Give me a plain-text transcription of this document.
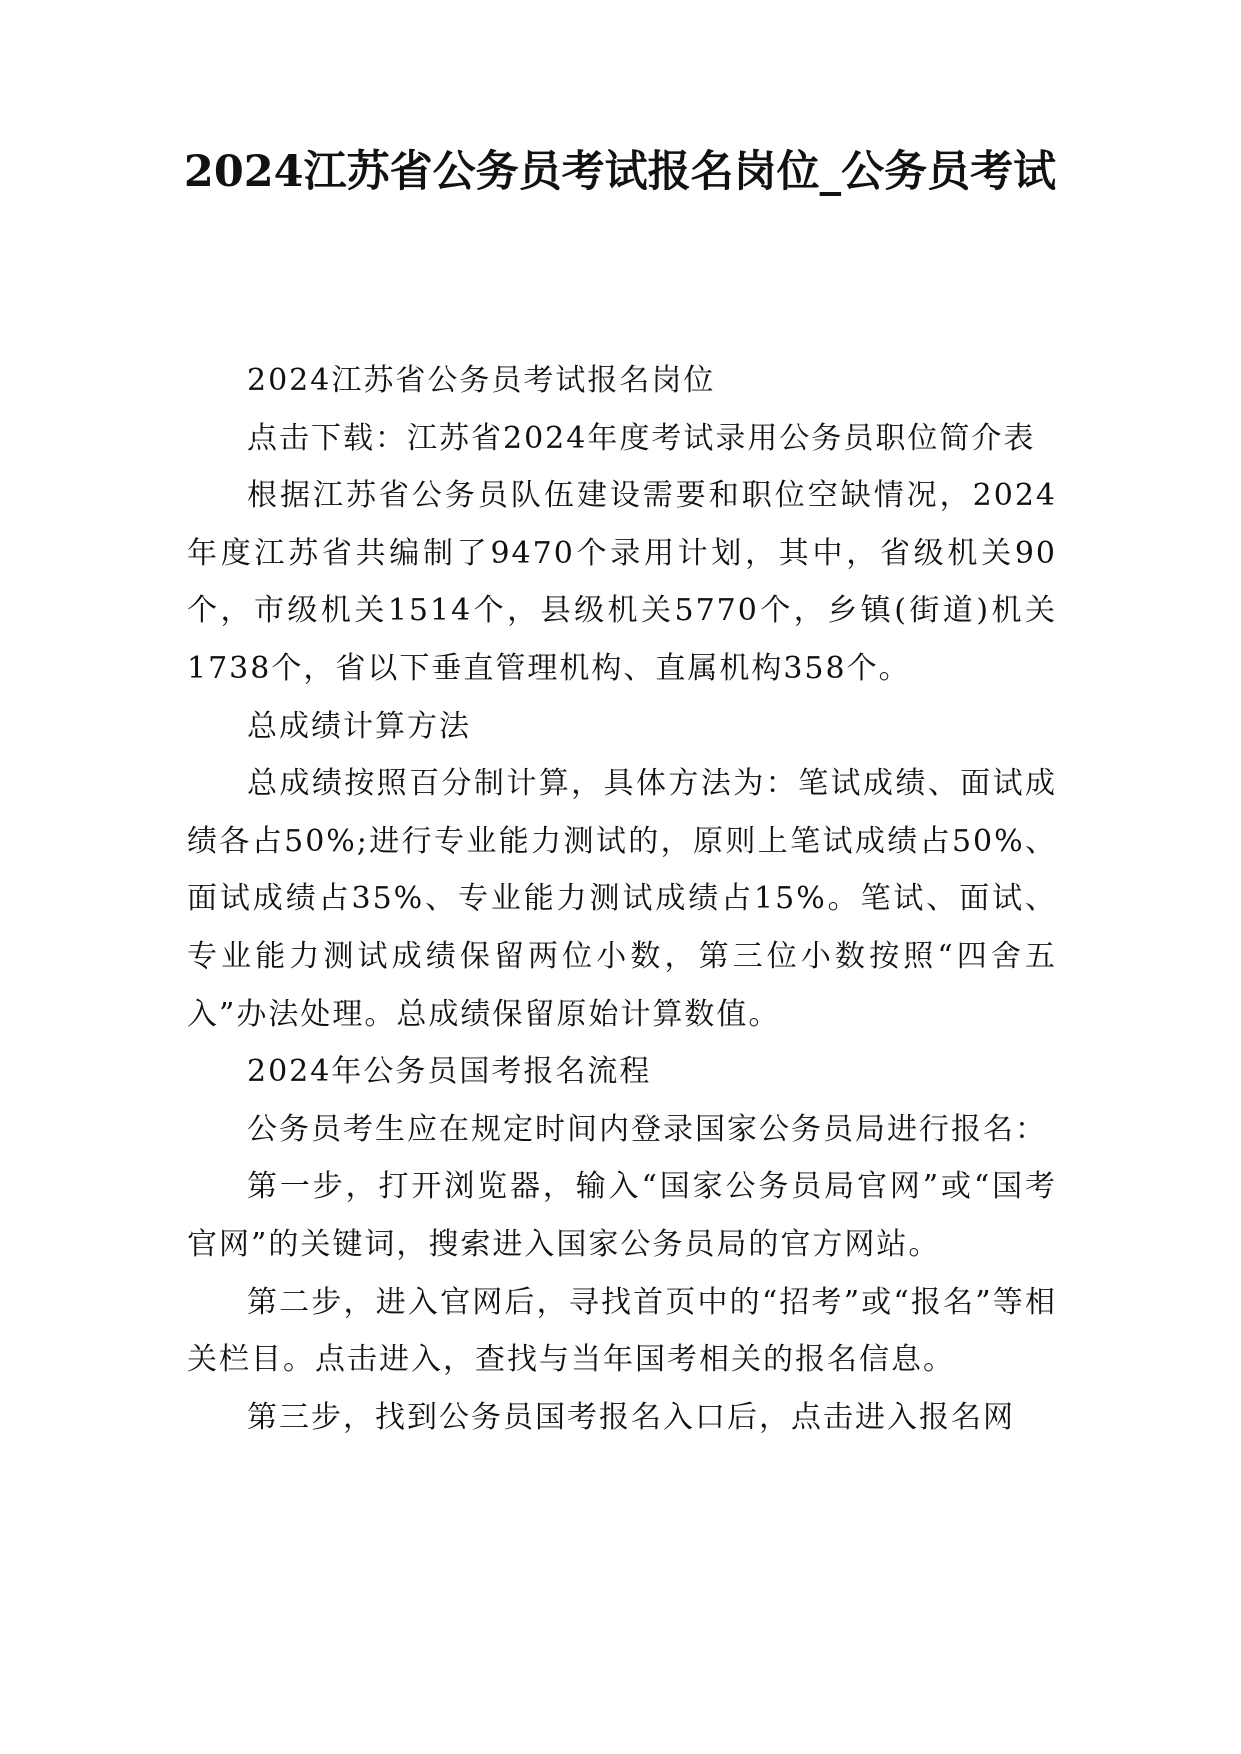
2024江苏省公务员考试报名岗位_公务员考试

2024江苏省公务员考试报名岗位

点击下载：江苏省2024年度考试录用公务员职位简介表

根据江苏省公务员队伍建设需要和职位空缺情况，2024年度江苏省共编制了9470个录用计划，其中，省级机关90个，市级机关1514个，县级机关5770个，乡镇(街道)机关1738个，省以下垂直管理机构、直属机构358个。

总成绩计算方法

总成绩按照百分制计算，具体方法为：笔试成绩、面试成绩各占50%;进行专业能力测试的，原则上笔试成绩占50%、面试成绩占35%、专业能力测试成绩占15%。笔试、面试、专业能力测试成绩保留两位小数，第三位小数按照“四舍五入”办法处理。总成绩保留原始计算数值。

2024年公务员国考报名流程

公务员考生应在规定时间内登录国家公务员局进行报名：

第一步，打开浏览器，输入“国家公务员局官网”或“国考官网”的关键词，搜索进入国家公务员局的官方网站。

第二步，进入官网后，寻找首页中的“招考”或“报名”等相关栏目。点击进入，查找与当年国考相关的报名信息。

第三步，找到公务员国考报名入口后，点击进入报名网
